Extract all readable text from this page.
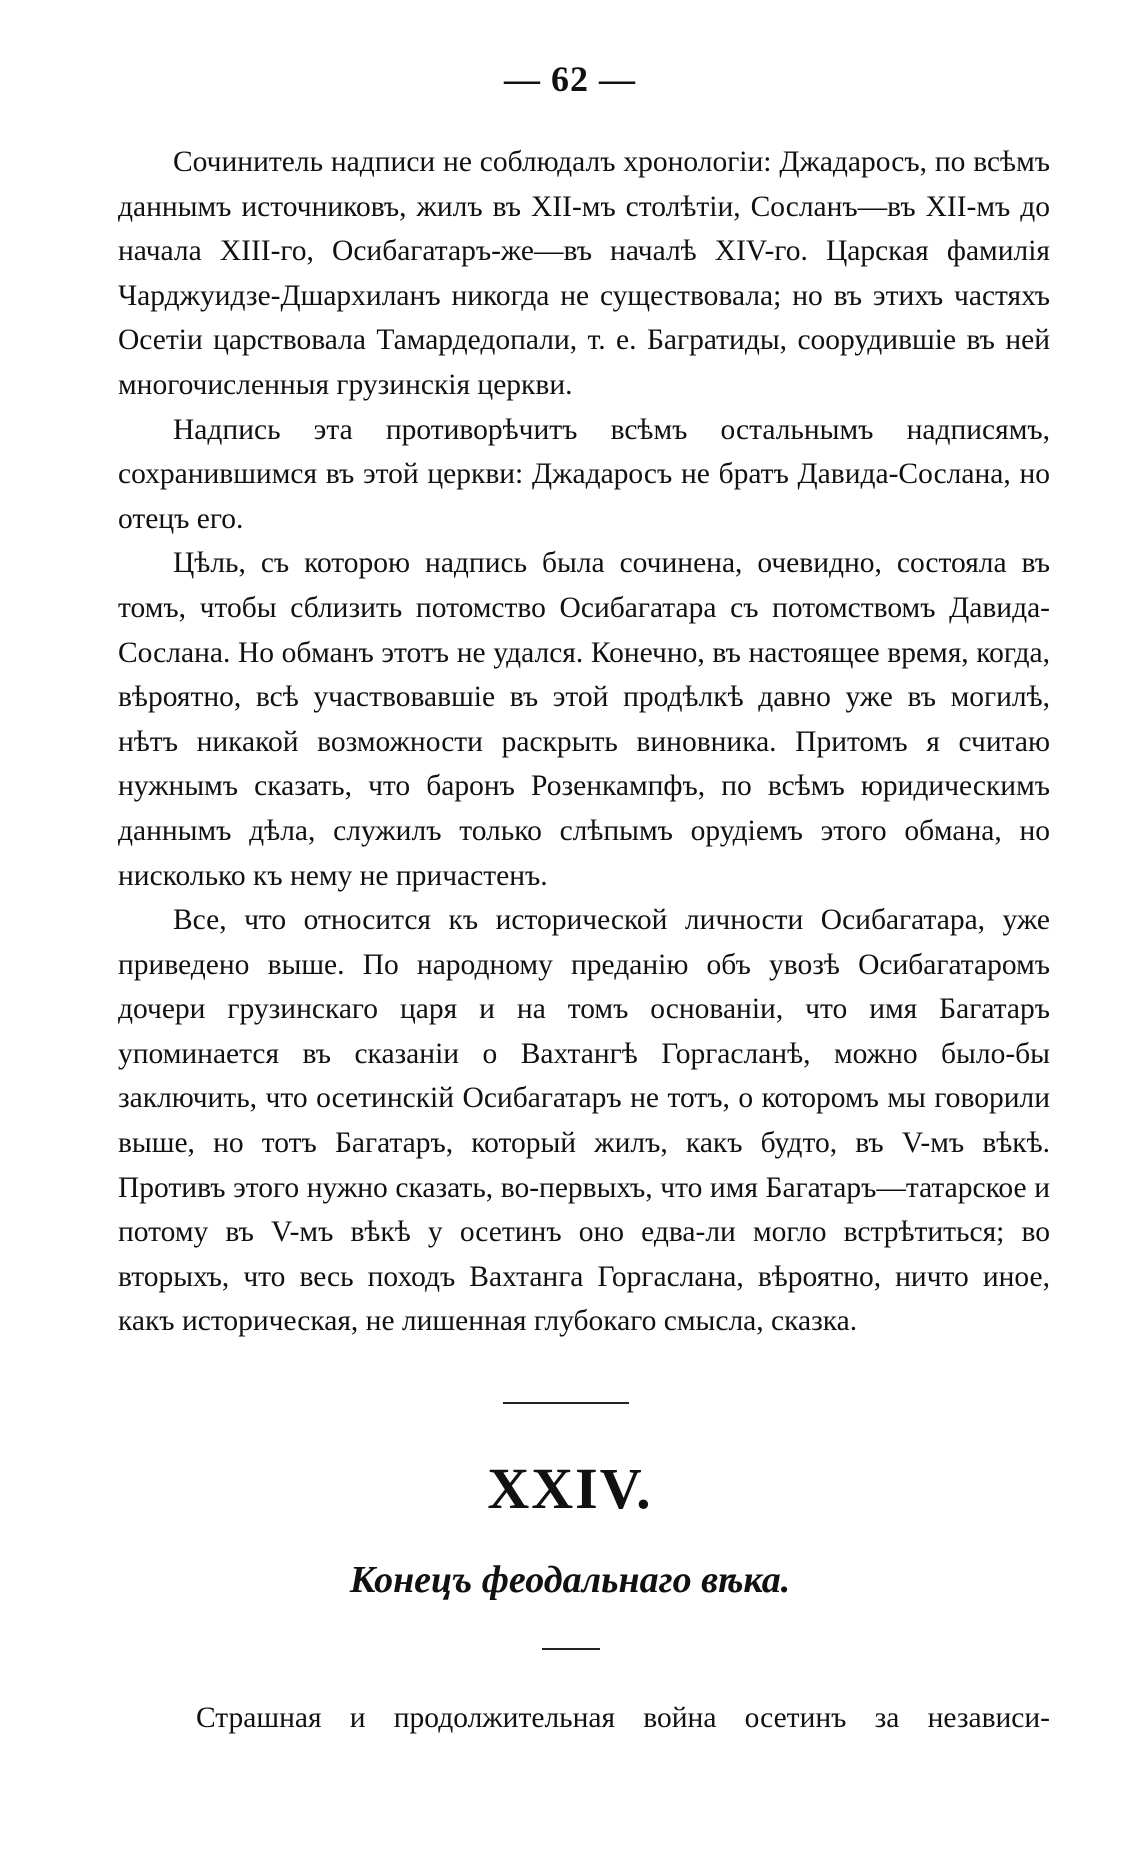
— 62 —

Сочинитель надписи не соблюдалъ хронологіи: Джадаросъ, по всѣмъ даннымъ источниковъ, жилъ въ XII-мъ столѣтіи, Сосланъ—въ XII-мъ до начала XIII-го, Осибагатаръ-же—въ началѣ XIV-го. Царская фамилія Чарджуидзе-Дшархиланъ никогда не существовала; но въ этихъ частяхъ Осетіи царствовала Тамардедопали, т. е. Багратиды, соорудившіе въ ней многочисленныя грузинскія церкви.

Надпись эта противорѣчитъ всѣмъ остальнымъ надписямъ, сохранившимся въ этой церкви: Джадаросъ не братъ Давида-Сослана, но отецъ его.

Цѣль, съ которою надпись была сочинена, очевидно, состояла въ томъ, чтобы сблизить потомство Осибагатара съ потомствомъ Давида-Сослана. Но обманъ этотъ не удался. Конечно, въ настоящее время, когда, вѣроятно, всѣ участвовавшіе въ этой продѣлкѣ давно уже въ могилѣ, нѣтъ никакой возможности раскрыть виновника. Притомъ я считаю нужнымъ сказать, что баронъ Розенкампфъ, по всѣмъ юридическимъ даннымъ дѣла, служилъ только слѣпымъ орудіемъ этого обмана, но нисколько къ нему не причастенъ.

Все, что относится къ исторической личности Осибагатара, уже приведено выше. По народному преданію объ увозѣ Осибагатаромъ дочери грузинскаго царя и на томъ основаніи, что имя Багатаръ упоминается въ сказаніи о Вахтангѣ Горгасланѣ, можно было-бы заключить, что осетинскій Осибагатаръ не тотъ, о которомъ мы говорили выше, но тотъ Багатаръ, который жилъ, какъ будто, въ V-мъ вѣкѣ. Противъ этого нужно сказать, во-первыхъ, что имя Багатаръ—татарское и потому въ V-мъ вѣкѣ у осетинъ оно едва-ли могло встрѣтиться; во вторыхъ, что весь походъ Вахтанга Горгаслана, вѣроятно, ничто иное, какъ историческая, не лишенная глубокаго смысла, сказка.

XXIV.
Конецъ феодальнаго вѣка.
Страшная и продолжительная война осетинъ за независи-
